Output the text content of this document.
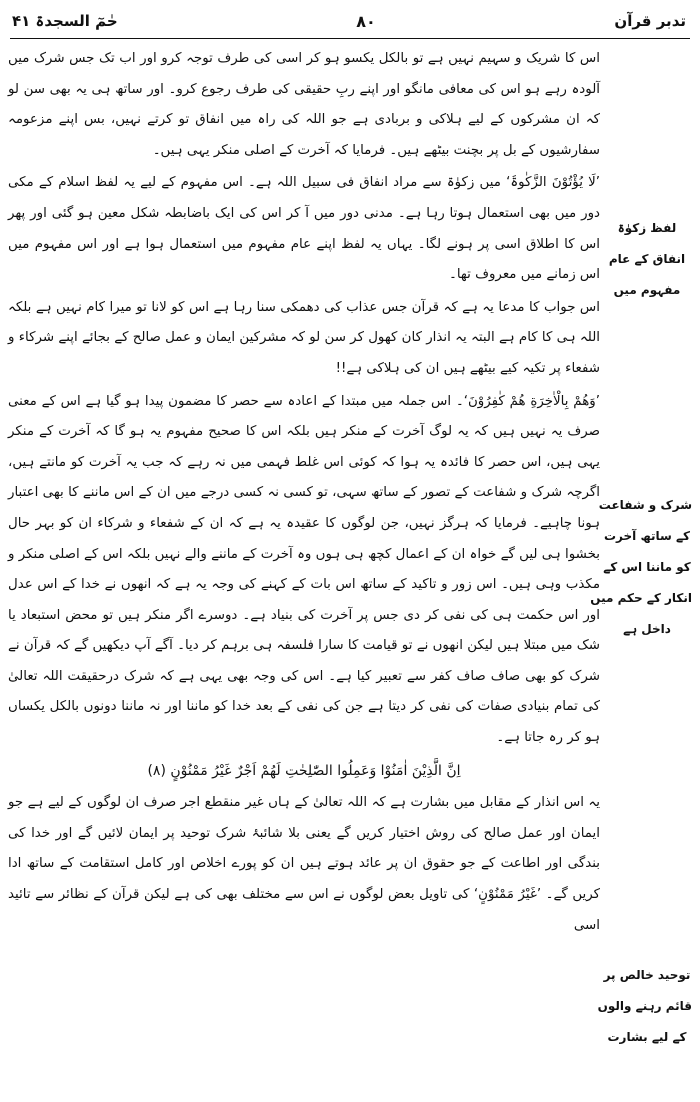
تدبر قرآن
۸۰
حٰمٓ السجدۃ ۴۱
لفظ زکوٰۃ
انفاق کے عام
مفہوم میں
شرک و شفاعت
کے ساتھ آخرت
کو ماننا اس کے
انکار کے حکم میں
داخل ہے
توحید خالص پر
قائم رہنے والوں
کے لیے بشارت

اس کا شریک و سہیم نہیں ہے تو بالکل یکسو ہو کر اسی کی طرف توجہ کرو اور اب تک جس شرک میں آلودہ رہے ہو اس کی معافی مانگو اور اپنے ربِ حقیقی کی طرف رجوع کرو۔ اور ساتھ ہی یہ بھی سن لو کہ ان مشرکوں کے لیے ہلاکی و بربادی ہے جو اللہ کی راہ میں انفاق تو کرتے نہیں، بس اپنے مزعومہ سفارشیوں کے بل پر بچنت بیٹھے ہیں۔ فرمایا کہ آخرت کے اصلی منکر یہی ہیں۔

’لَا یُؤْتُوْنَ الزَّکٰوۃَ‘ میں زکوٰۃ سے مراد انفاق فی سبیل اللہ ہے۔ اس مفہوم کے لیے یہ لفظ اسلام کے مکی دور میں بھی استعمال ہوتا رہا ہے۔ مدنی دور میں آ کر اس کی ایک باضابطہ شکل معین ہو گئی اور پھر اس کا اطلاق اسی پر ہونے لگا۔ یہاں یہ لفظ اپنے عام مفہوم میں استعمال ہوا ہے اور اس مفہوم میں اس زمانے میں معروف تھا۔

اس جواب کا مدعا یہ ہے کہ قرآن جس عذاب کی دھمکی سنا رہا ہے اس کو لانا تو میرا کام نہیں ہے بلکہ اللہ ہی کا کام ہے البتہ یہ انذار کان کھول کر سن لو کہ مشرکین ایمان و عمل صالح کے بجائے اپنے شرکاء و شفعاء پر تکیہ کیے بیٹھے ہیں ان کی ہلاکی ہے!!

’وَهُمْ بِالْاٰخِرَةِ هُمْ كٰفِرُوْنَ‘۔ اس جملہ میں مبتدا کے اعادہ سے حصر کا مضمون پیدا ہو گیا ہے اس کے معنی صرف یہ نہیں ہیں کہ یہ لوگ آخرت کے منکر ہیں بلکہ اس کا صحیح مفہوم یہ ہو گا کہ آخرت کے منکر یہی ہیں، اس حصر کا فائدہ یہ ہوا کہ کوئی اس غلط فہمی میں نہ رہے کہ جب یہ آخرت کو مانتے ہیں، اگرچہ شرک و شفاعت کے تصور کے ساتھ سہی، تو کسی نہ کسی درجے میں ان کے اس ماننے کا بھی اعتبار ہونا چاہیے۔ فرمایا کہ ہرگز نہیں، جن لوگوں کا عقیدہ یہ ہے کہ ان کے شفعاء و شرکاء ان کو بہر حال بخشوا ہی لیں گے خواہ ان کے اعمال کچھ ہی ہوں وہ آخرت کے ماننے والے نہیں بلکہ اس کے اصلی منکر و مکذب وہی ہیں۔ اس زور و تاکید کے ساتھ اس بات کے کہنے کی وجہ یہ ہے کہ انھوں نے خدا کے اس عدل اور اس حکمت ہی کی نفی کر دی جس پر آخرت کی بنیاد ہے۔ دوسرے اگر منکر ہیں تو محض استبعاد یا شک میں مبتلا ہیں لیکن انھوں نے تو قیامت کا سارا فلسفہ ہی برہم کر دیا۔ آگے آپ دیکھیں گے کہ قرآن نے شرک کو بھی صاف صاف کفر سے تعبیر کیا ہے۔ اس کی وجہ بھی یہی ہے کہ شرک درحقیقت اللہ تعالیٰ کی تمام بنیادی صفات کی نفی کر دیتا ہے جن کی نفی کے بعد خدا کو ماننا اور نہ ماننا دونوں بالکل یکساں ہو کر رہ جاتا ہے۔

اِنَّ الَّذِیْنَ اٰمَنُوْا وَعَمِلُوا الصّٰلِحٰتِ لَهُمْ اَجْرٌ غَیْرُ مَمْنُوْنٍ (۸)

یہ اس انذار کے مقابل میں بشارت ہے کہ اللہ تعالیٰ کے ہاں غیر منقطع اجر صرف ان لوگوں کے لیے ہے جو ایمان اور عمل صالح کی روش اختیار کریں گے یعنی بلا شائبۂ شرک توحید پر ایمان لائیں گے اور خدا کی بندگی اور اطاعت کے جو حقوق ان پر عائد ہوتے ہیں ان کو پورے اخلاص اور کامل استقامت کے ساتھ ادا کریں گے۔ ’غَیْرُ مَمْنُوْنٍ‘ کی تاویل بعض لوگوں نے اس سے مختلف بھی کی ہے لیکن قرآن کے نظائر سے تائید اسی
